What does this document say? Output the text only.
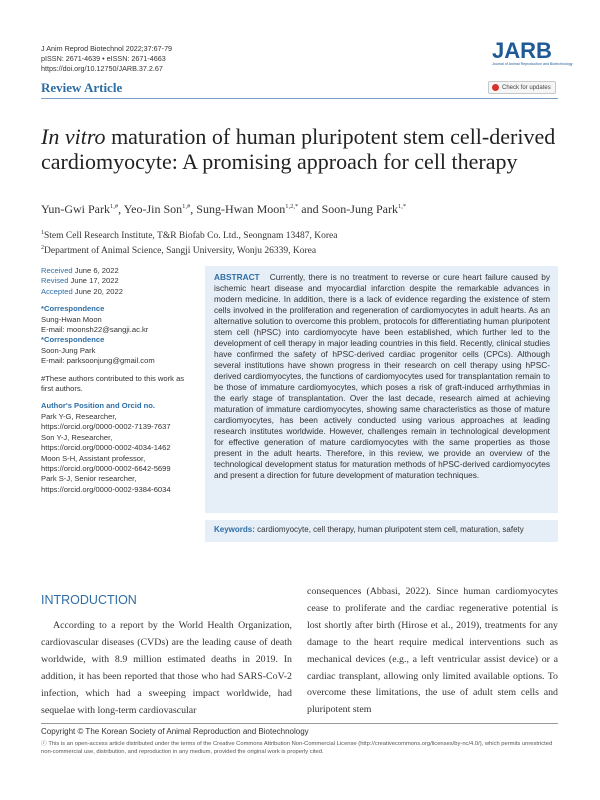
J Anim Reprod Biotechnol 2022;37:67-79
pISSN: 2671-4639 • eISSN: 2671-4663
https://doi.org/10.12750/JARB.37.2.67
JARB
Journal of Animal Reproduction and Biotechnology
Check for updates
Review Article
In vitro maturation of human pluripotent stem cell-derived cardiomyocyte: A promising approach for cell therapy
Yun-Gwi Park$^{1,\#}$, Yeo-Jin Son$^{1,\#}$, Sung-Hwan Moon$^{1,2,*}$ and Soon-Jung Park$^{1,*}$
$^1$Stem Cell Research Institute, T&R Biofab Co. Ltd., Seongnam 13487, Korea
$^2$Department of Animal Science, Sangji University, Wonju 26339, Korea
Received June 6, 2022
Revised June 17, 2022
Accepted June 20, 2022
*Correspondence
Sung-Hwan Moon
E-mail: moonsh22@sangji.ac.kr
*Correspondence
Soon-Jung Park
E-mail: parksoonjung@gmail.com
#These authors contributed to this work as first authors.
Author's Position and Orcid no.
Park Y-G, Researcher,
https://orcid.org/0000-0002-7139-7637
Son Y-J, Researcher,
https://orcid.org/0000-0002-4034-1462
Moon S-H, Assistant professor,
https://orcid.org/0000-0002-6642-5699
Park S-J, Senior researcher,
https://orcid.org/0000-0002-9384-6034
ABSTRACT Currently, there is no treatment to reverse or cure heart failure caused by ischemic heart disease and myocardial infarction despite the remarkable advances in modern medicine. In addition, there is a lack of evidence regarding the existence of stem cells involved in the proliferation and regeneration of cardiomyocytes in adult hearts. As an alternative solution to overcome this problem, protocols for differentiating human pluripotent stem cell (hPSC) into cardiomyocyte have been established, which further led to the development of cell therapy in major leading countries in this field. Recently, clinical studies have confirmed the safety of hPSC-derived cardiac progenitor cells (CPCs). Although several institutions have shown progress in their research on cell therapy using hPSC-derived cardiomyocytes, the functions of cardiomyocytes used for transplantation remain to be those of immature cardiomyocytes, which poses a risk of graft-induced arrhythmias in the early stage of transplantation. Over the last decade, research aimed at achieving maturation of immature cardiomyocytes, showing same characteristics as those of mature cardiomyocytes, has been actively conducted using various approaches at leading research institutes worldwide. However, challenges remain in technological development for effective generation of mature cardiomyocytes with the same properties as those present in the adult hearts. Therefore, in this review, we provide an overview of the technological development status for maturation methods of hPSC-derived cardiomyocytes and present a direction for future development of maturation techniques.
Keywords: cardiomyocyte, cell therapy, human pluripotent stem cell, maturation, safety
INTRODUCTION
According to a report by the World Health Organization, cardiovascular diseases (CVDs) are the leading cause of death worldwide, with 8.9 million estimated deaths in 2019. In addition, it has been reported that those who had SARS-CoV-2 infection, which had a sweeping impact worldwide, had sequelae with long-term cardiovascular
consequences (Abbasi, 2022). Since human cardiomyocytes cease to proliferate and the cardiac regenerative potential is lost shortly after birth (Hirose et al., 2019), treatments for any damage to the heart require medical interventions such as mechanical devices (e.g., a left ventricular assist device) or a cardiac transplant, allowing only limited available options. To overcome these limitations, the use of adult stem cells and pluripotent stem
Copyright © The Korean Society of Animal Reproduction and Biotechnology
ⓒ This is an open-access article distributed under the terms of the Creative Commons Attribution Non-Commercial License (http://creativecommons.org/licenses/by-nc/4.0/), which permits unrestricted non-commercial use, distribution, and reproduction in any medium, provided the original work is properly cited.
